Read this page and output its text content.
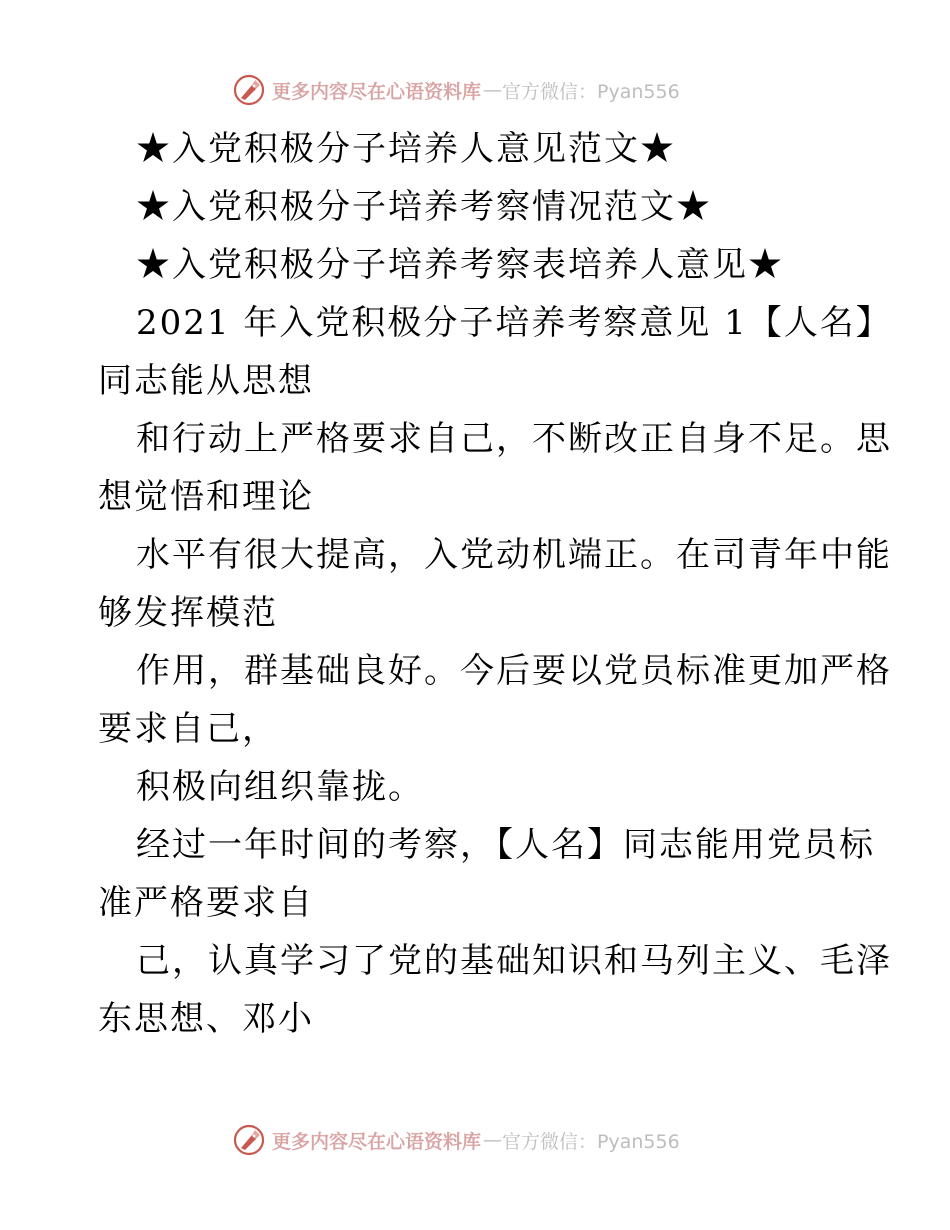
更多内容尽在心语资料库 — 官方微信：Pyan556
★入党积极分子培养人意见范文★
★入党积极分子培养考察情况范文★
★入党积极分子培养考察表培养人意见★
2021 年入党积极分子培养考察意见 1【人名】
同志能从思想
和行动上严格要求自己，不断改正自身不足。思
想觉悟和理论
水平有很大提高，入党动机端正。在司青年中能
够发挥模范
作用，群基础良好。今后要以党员标准更加严格
要求自己，
积极向组织靠拢。
经过一年时间的考察，【人名】同志能用党员标
准严格要求自
己，认真学习了党的基础知识和马列主义、毛泽
东思想、邓小
更多内容尽在心语资料库 — 官方微信：Pyan556
